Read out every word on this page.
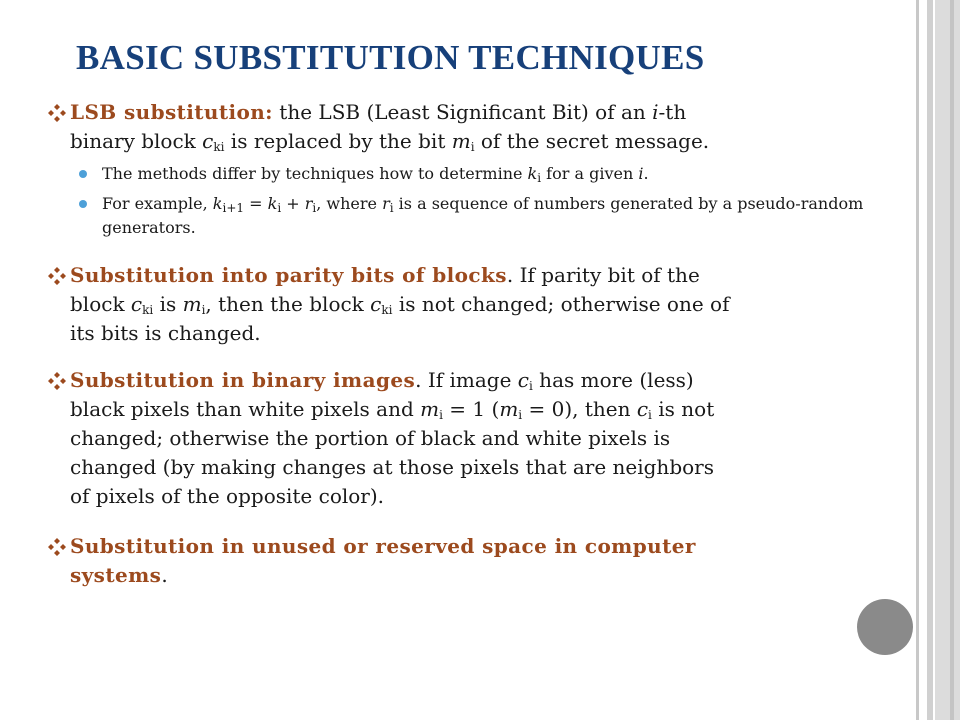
BASIC SUBSTITUTION TECHNIQUES
LSB substitution: the LSB (Least Significant Bit) of an i-th
binary block $c_{ki}$ is replaced by the bit $m_i$ of the secret message.
The methods differ by techniques how to determine $k_i$ for a given i.
For example, $k_{i+1} = k_i + r_i$, where $r_i$ is a sequence of numbers generated by a pseudo-random generators.
Substitution into parity bits of blocks. If parity bit of the
block $c_{ki}$ is $m_i$, then the block $c_{ki}$ is not changed; otherwise one of
its bits is changed.
Substitution in binary images. If image $c_i$ has more (less)
black pixels than white pixels and $m_i = 1$ $(m_i = 0)$, then $c_i$ is not
changed; otherwise the portion of black and white pixels is
changed (by making changes at those pixels that are neighbors
of pixels of the opposite color).
Substitution in unused or reserved space in computer
systems.
